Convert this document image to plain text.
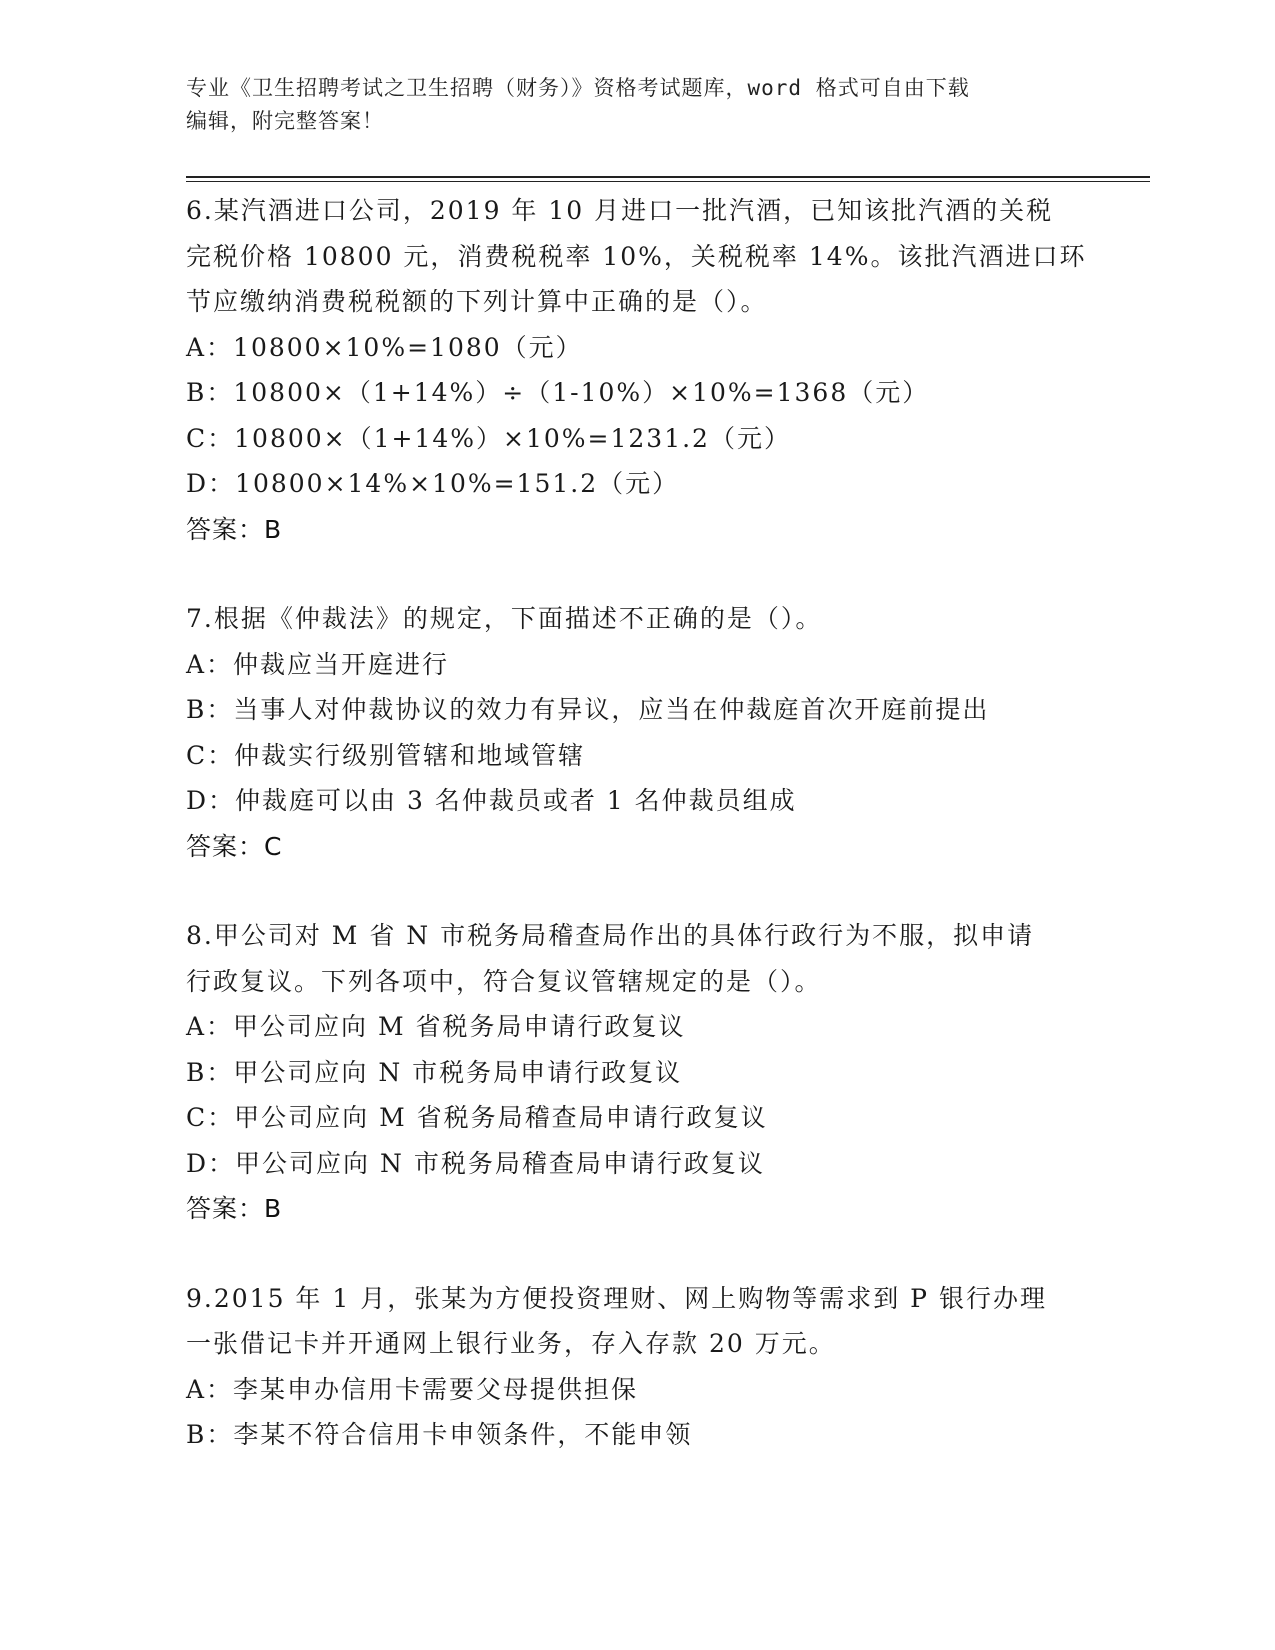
专业《卫生招聘考试之卫生招聘（财务）》资格考试题库，word 格式可自由下载
编辑，附完整答案！
6.某汽酒进口公司，2019 年 10 月进口一批汽酒，已知该批汽酒的关税
完税价格 10800 元，消费税税率 10%，关税税率 14%。该批汽酒进口环
节应缴纳消费税税额的下列计算中正确的是（）。
A：10800×10%=1080（元）
B：10800×（1+14%）÷（1-10%）×10%=1368（元）
C：10800×（1+14%）×10%=1231.2（元）
D：10800×14%×10%=151.2（元）
答案：B
7.根据《仲裁法》的规定，下面描述不正确的是（）。
A：仲裁应当开庭进行
B：当事人对仲裁协议的效力有异议，应当在仲裁庭首次开庭前提出
C：仲裁实行级别管辖和地域管辖
D：仲裁庭可以由 3 名仲裁员或者 1 名仲裁员组成
答案：C
8.甲公司对 M 省 N 市税务局稽查局作出的具体行政行为不服，拟申请
行政复议。下列各项中，符合复议管辖规定的是（）。
A：甲公司应向 M 省税务局申请行政复议
B：甲公司应向 N 市税务局申请行政复议
C：甲公司应向 M 省税务局稽查局申请行政复议
D：甲公司应向 N 市税务局稽查局申请行政复议
答案：B
9.2015 年 1 月，张某为方便投资理财、网上购物等需求到 P 银行办理
一张借记卡并开通网上银行业务，存入存款 20 万元。
A：李某申办信用卡需要父母提供担保
B：李某不符合信用卡申领条件，不能申领
